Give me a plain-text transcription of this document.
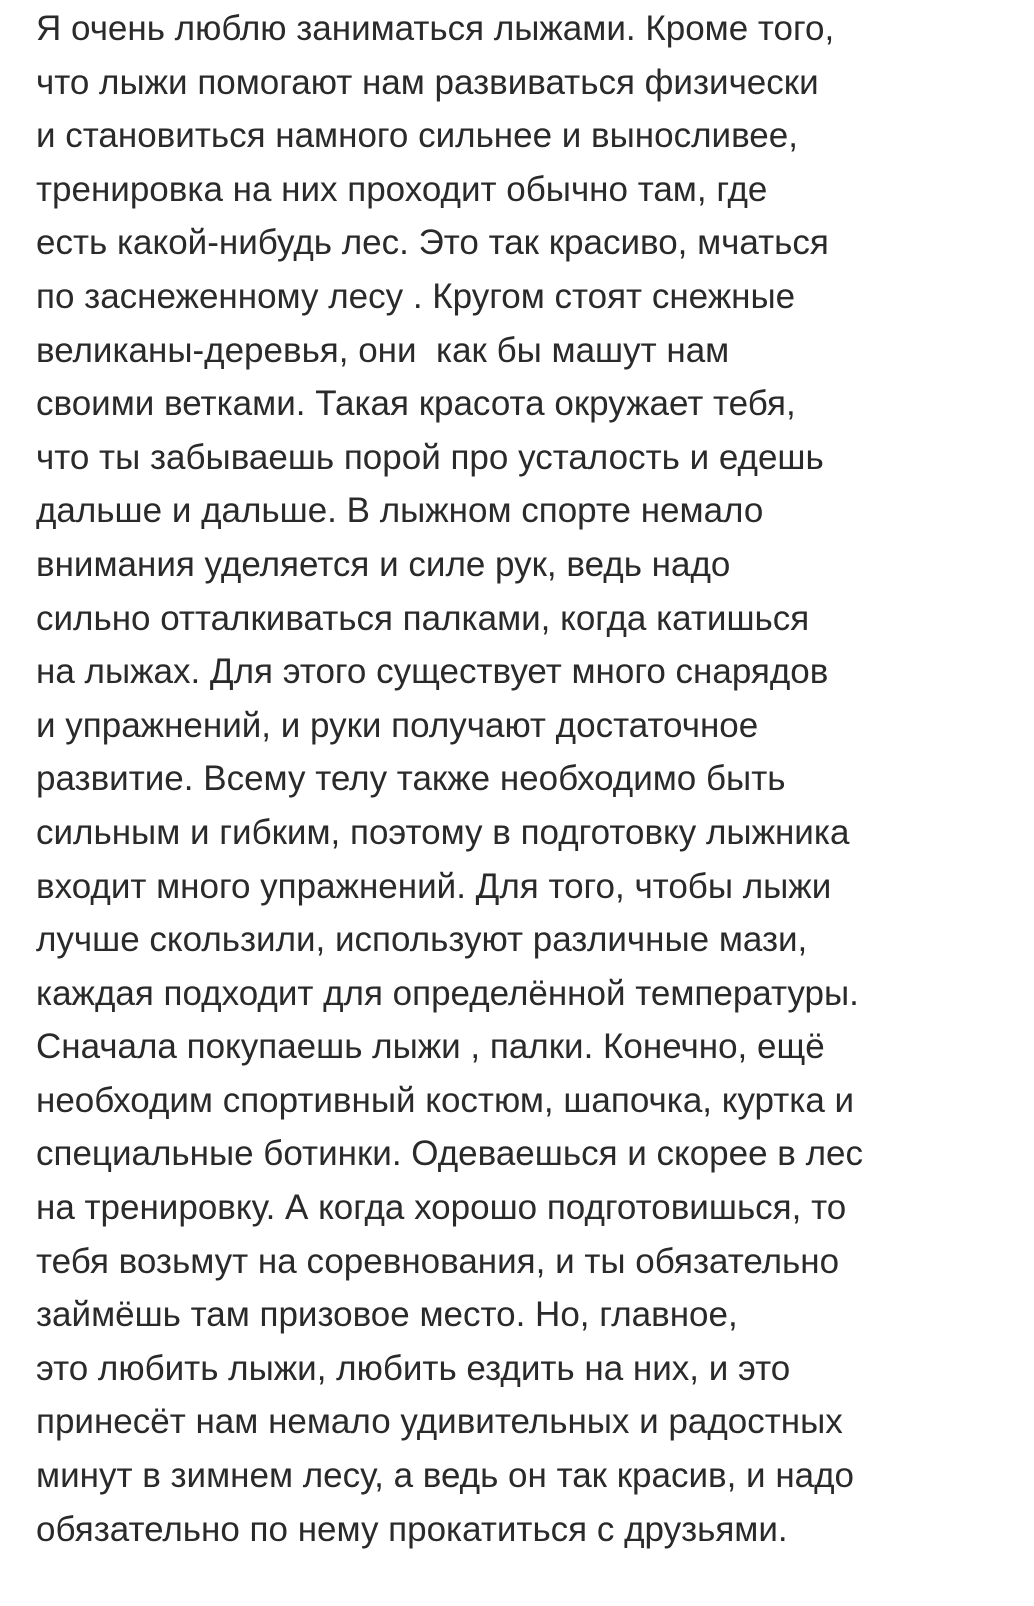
Я очень люблю заниматься лыжами. Кроме того,
что лыжи помогают нам развиваться физически
и становиться намного сильнее и выносливее,
тренировка на них проходит обычно там, где
есть какой-нибудь лес. Это так красиво, мчаться
по заснеженному лесу . Кругом стоят снежные
великаны-деревья, они  как бы машут нам
своими ветками. Такая красота окружает тебя,
что ты забываешь порой про усталость и едешь
дальше и дальше. В лыжном спорте немало
внимания уделяется и силе рук, ведь надо
сильно отталкиваться палками, когда катишься
на лыжах. Для этого существует много снарядов
и упражнений, и руки получают достаточное
развитие. Всему телу также необходимо быть
сильным и гибким, поэтому в подготовку лыжника
входит много упражнений. Для того, чтобы лыжи
лучше скользили, используют различные мази,
каждая подходит для определённой температуры.
Сначала покупаешь лыжи , палки. Конечно, ещё
необходим спортивный костюм, шапочка, куртка и
специальные ботинки. Одеваешься и скорее в лес
на тренировку. А когда хорошо подготовишься, то
тебя возьмут на соревнования, и ты обязательно
займёшь там призовое место. Но, главное,
это любить лыжи, любить ездить на них, и это
принесёт нам немало удивительных и радостных
минут в зимнем лесу, а ведь он так красив, и надо
обязательно по нему прокатиться с друзьями.
